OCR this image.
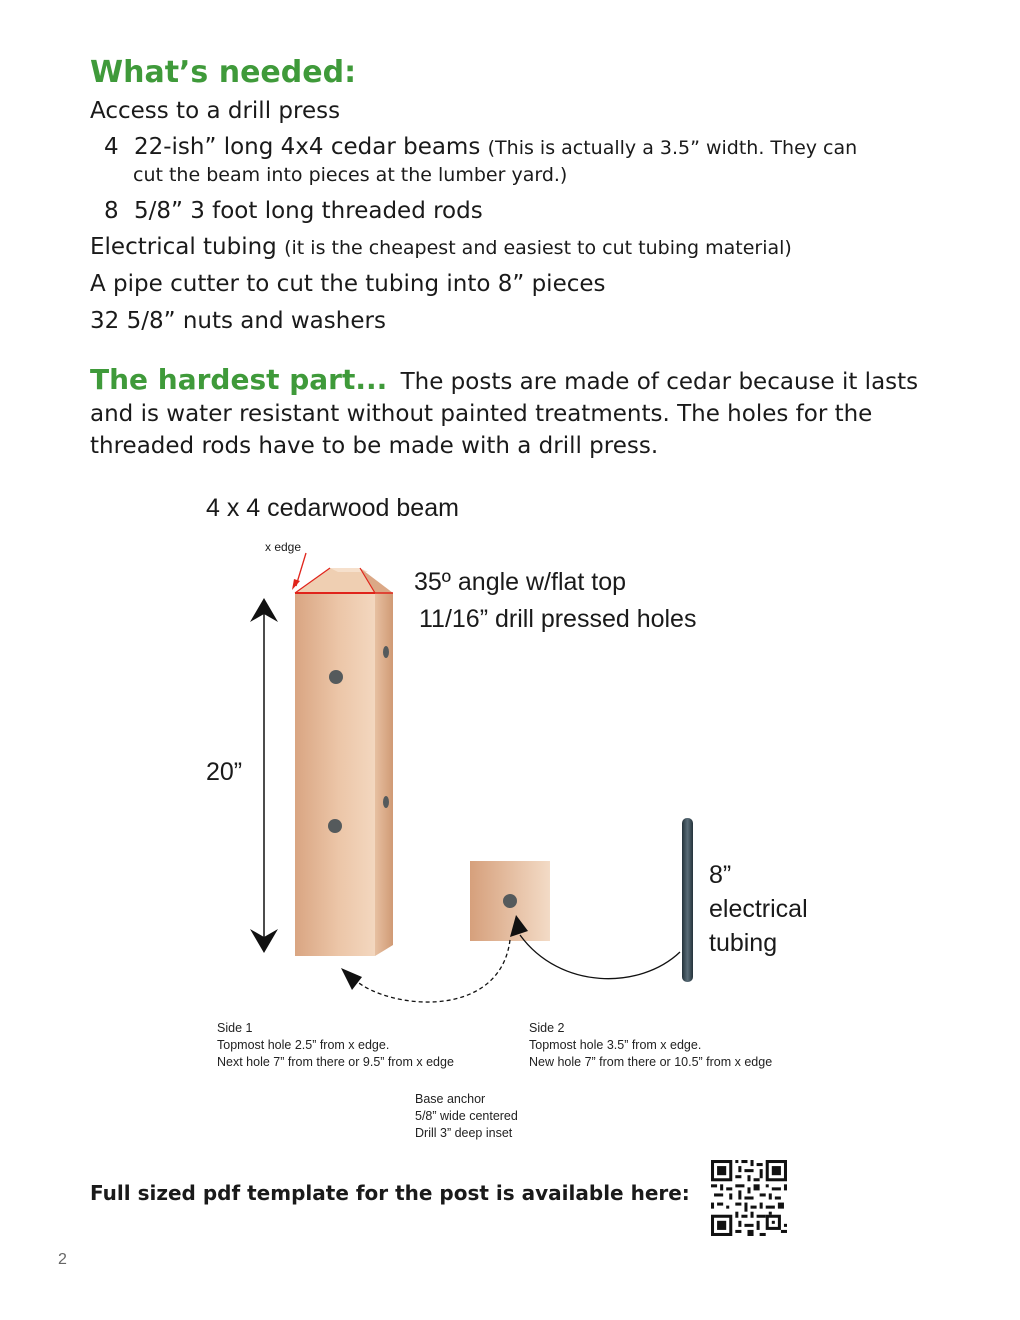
What’s needed:
Access to a drill press
4 22-ish” long 4x4 cedar beams (This is actually a 3.5” width. They can
cut the beam into pieces at the lumber yard.)
8 5/8” 3 foot long threaded rods
Electrical tubing (it is the cheapest and easiest to cut tubing material)
A pipe cutter to cut the tubing into 8” pieces
32 5/8” nuts and washers
The hardest part... The posts are made of cedar because it lasts and is water resistant without painted treatments. The holes for the threaded rods have to be made with a drill press.
4 x 4 cedarwood beam
x edge
35º angle w/flat top
11/16” drill pressed holes
20”
8”
electrical
tubing
Side 1
Topmost hole 2.5” from x edge.
Next hole 7” from there or 9.5” from x edge
Side 2
Topmost hole 3.5” from x edge.
New hole 7” from there or 10.5” from x edge
Base anchor
5/8” wide centered
Drill 3” deep inset
Full sized pdf template for the post is available here:
2
